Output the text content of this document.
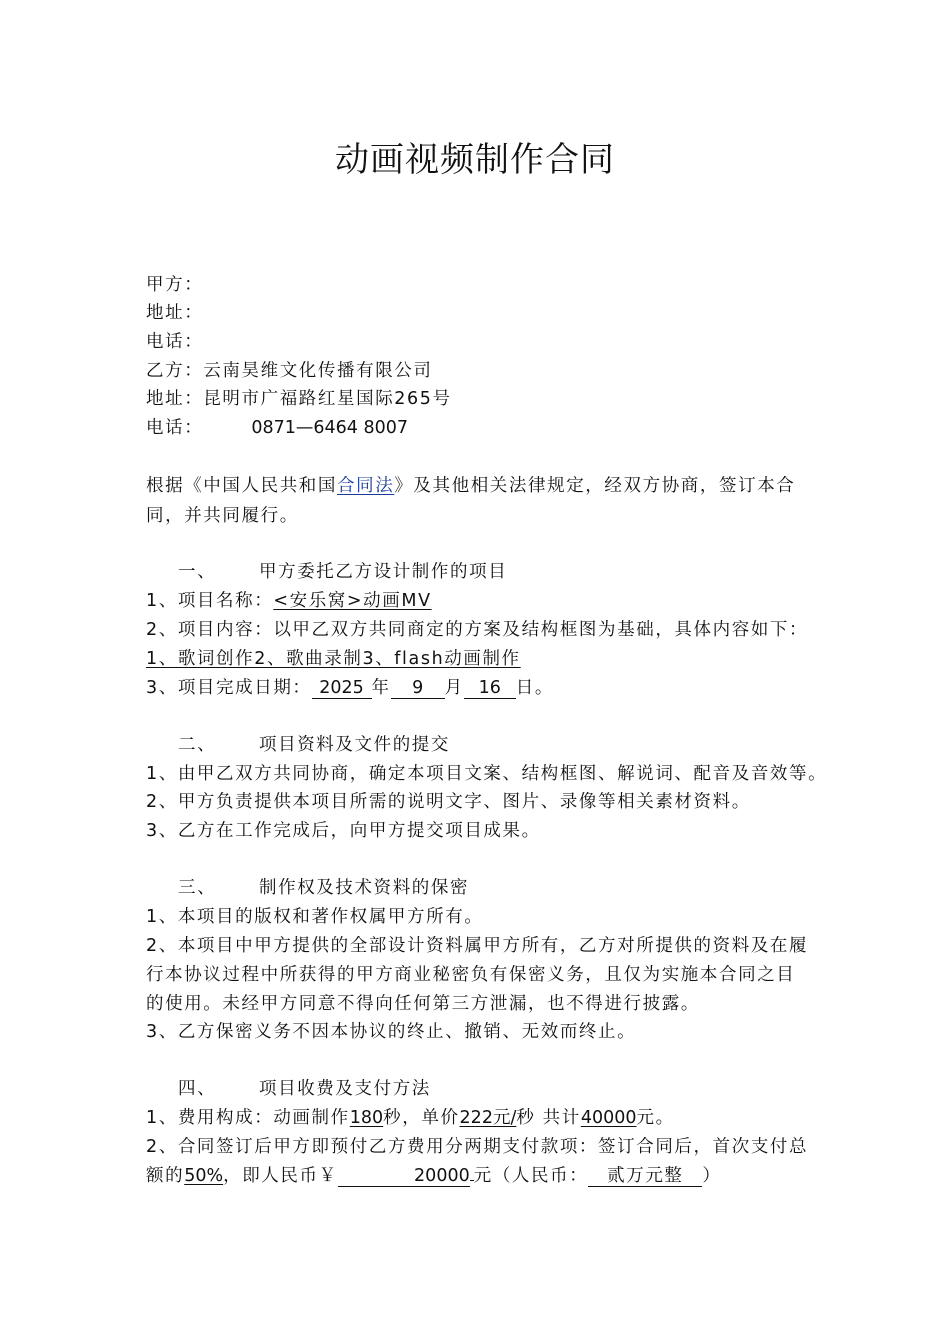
动画视频制作合同
甲方：
地址：
电话：
乙方：云南昊维文化传播有限公司
地址：昆明市广福路红星国际265号
电话：	0871—6464 8007
根据《中国人民共和国合同法》及其他相关法律规定，经双方协商，签订本合
同，并共同履行。
一、 甲方委托乙方设计制作的项目
1、项目名称：<安乐窝>动画MV
2、项目内容：以甲乙双方共同商定的方案及结构框图为基础，具体内容如下：
1、歌词创作2、歌曲录制3、flash动画制作
3、项目完成日期： 2025 年 9 月 16 日。
二、 项目资料及文件的提交
1、由甲乙双方共同协商，确定本项目文案、结构框图、解说词、配音及音效等。
2、甲方负责提供本项目所需的说明文字、图片、录像等相关素材资料。
3、乙方在工作完成后，向甲方提交项目成果。
三、 制作权及技术资料的保密
1、本项目的版权和著作权属甲方所有。
2、本项目中甲方提供的全部设计资料属甲方所有，乙方对所提供的资料及在履
行本协议过程中所获得的甲方商业秘密负有保密义务，且仅为实施本合同之目
的使用。未经甲方同意不得向任何第三方泄漏，也不得进行披露。
3、乙方保密义务不因本协议的终止、撤销、无效而终止。
四、 项目收费及支付方法
1、费用构成：动画制作180秒，单价222元/秒 共计40000元。
2、合同签订后甲方即预付乙方费用分两期支付款项：签订合同后，首次支付总
额的50%，即人民币￥	20000 元（人民币： 贰万元整 ）
